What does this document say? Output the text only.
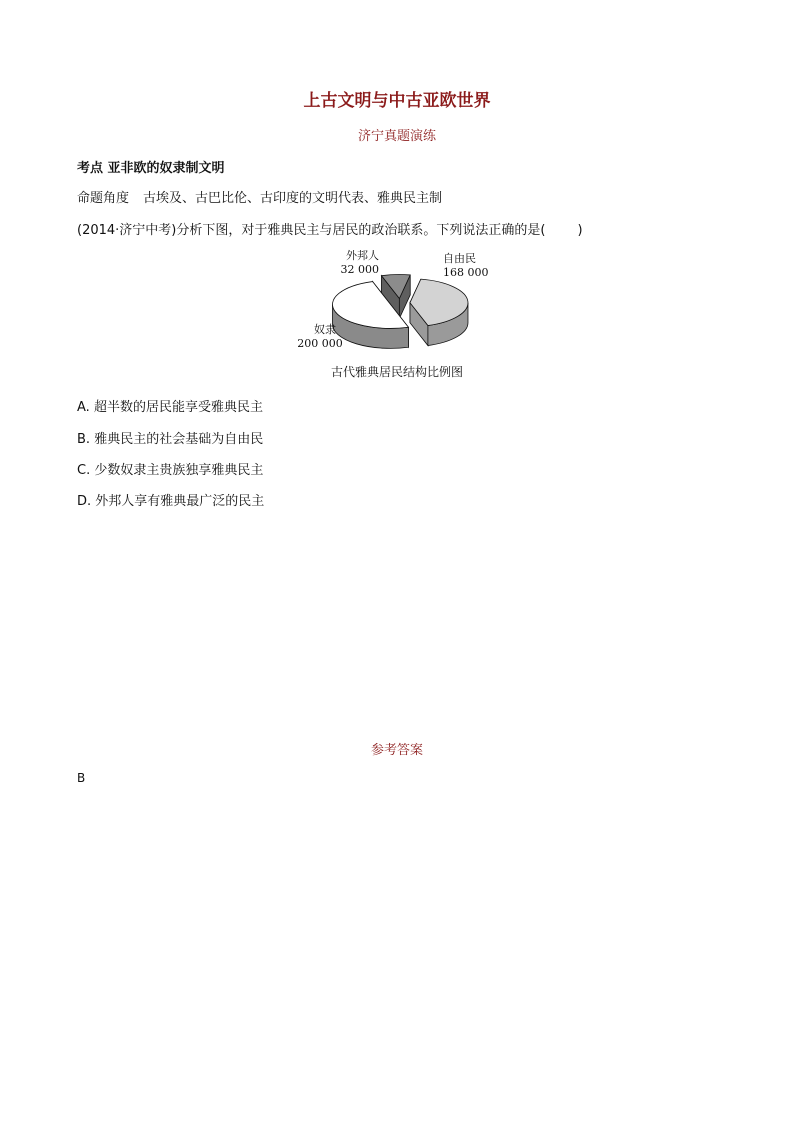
上古文明与中古亚欧世界
济宁真题演练
考点 亚非欧的奴隶制文明
命题角度 古埃及、古巴比伦、古印度的文明代表、雅典民主制
(2014·济宁中考)分析下图，对于雅典民主与居民的政治联系。下列说法正确的是( )
外邦人
32 000
自由民
168 000
奴隶
200 000
古代雅典居民结构比例图
A. 超半数的居民能享受雅典民主
B. 雅典民主的社会基础为自由民
C. 少数奴隶主贵族独享雅典民主
D. 外邦人享有雅典最广泛的民主
参考答案
B
